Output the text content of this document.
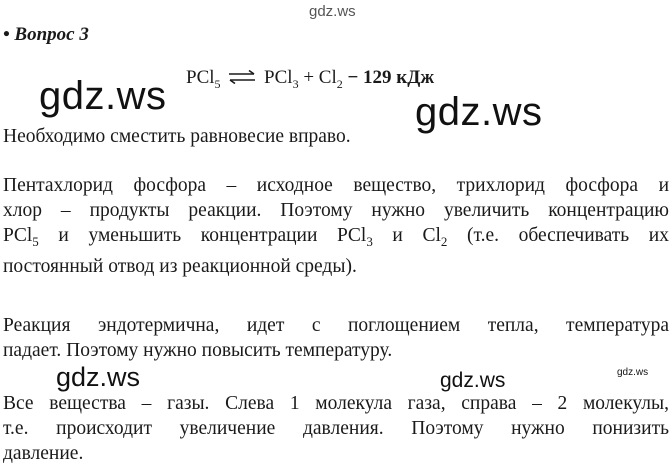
gdz.ws
• Вопрос 3
PCl$_5$ ⇌ $PCl_3 + Cl_2 - 129$ кДж
gdz.ws	gdz.ws
Необходимо сместить равновесие вправо.
Пентахлорид фосфора – исходное вещество, трихлорид фосфора и
хлор – продукты реакции. Поэтому нужно увеличить концентрацию
PCl$_5$ и уменьшить концентрации PCl$_3$ и $Cl_2$ (т.е. обеспечивать их
постоянный отвод из реакционной среды).
Реакция эндотермична, идет с поглощением тепла, температура
падает. Поэтому нужно повысить температуру.
gdz.ws	gdz.ws	gdz.ws
Все вещества – газы. Слева 1 молекула газа, справа – 2 молекулы,
т.е. происходит увеличение давления. Поэтому нужно понизить
давление.
